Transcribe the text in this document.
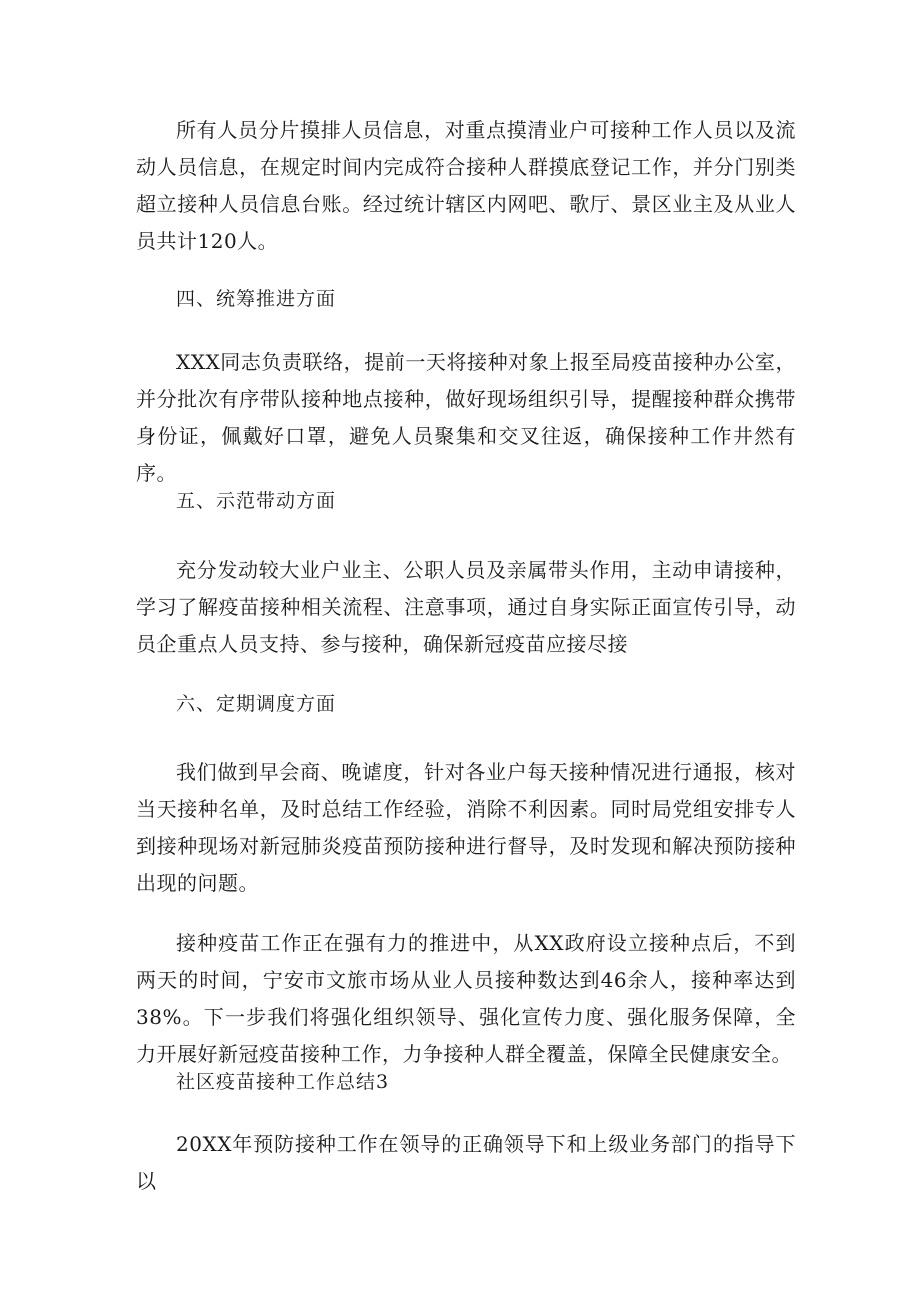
所有人员分片摸排人员信息，对重点摸清业户可接种工作人员以及流动人员信息，在规定时间内完成符合接种人群摸底登记工作，并分门别类超立接种人员信息台账。经过统计辖区内网吧、歌厅、景区业主及从业人员共计120人。

四、统筹推进方面

XXX同志负责联络，提前一天将接种对象上报至局疫苗接种办公室，并分批次有序带队接种地点接种，做好现场组织引导，提醒接种群众携带身份证，佩戴好口罩，避免人员聚集和交叉往返，确保接种工作井然有序。

五、示范带动方面

充分发动较大业户业主、公职人员及亲属带头作用，主动申请接种，学习了解疫苗接种相关流程、注意事项，通过自身实际正面宣传引导，动员企重点人员支持、参与接种，确保新冠疫苗应接尽接

六、定期调度方面

我们做到早会商、晚谑度，针对各业户每天接种情况进行通报，核对当天接种名单，及时总结工作经验，消除不利因素。同时局党组安排专人到接种现场对新冠肺炎疫苗预防接种进行督导，及时发现和解决预防接种出现的问题。

接种疫苗工作正在强有力的推进中，从XX政府设立接种点后，不到两天的时间，宁安市文旅市场从业人员接种数达到46余人，接种率达到38%。下一步我们将强化组织领导、强化宣传力度、强化服务保障，全力开展好新冠疫苗接种工作，力争接种人群全覆盖，保障全民健康安全。

社区疫苗接种工作总结3

20XX年预防接种工作在领导的正确领导下和上级业务部门的指导下以
